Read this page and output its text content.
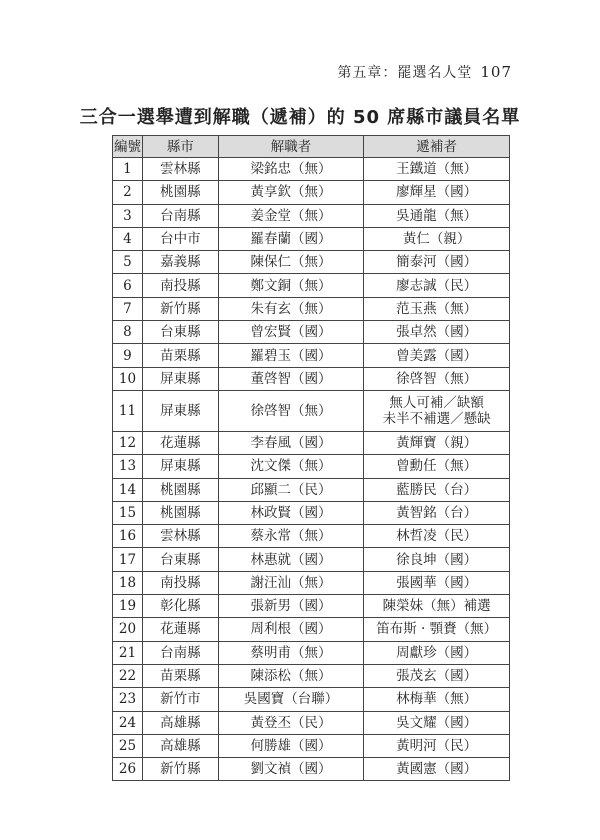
第五章：罷選名人堂 107
三合一選舉遭到解職（遞補）的 50 席縣市議員名單
編號	縣市	解職者	遞補者
1	雲林縣	梁銘忠（無）	王鐵道（無）
2	桃園縣	黃享欽（無）	廖輝星（國）
3	台南縣	姜金堂（無）	吳通龍（無）
4	台中市	羅春蘭（國）	黃仁（親）
5	嘉義縣	陳保仁（無）	簡泰河（國）
6	南投縣	鄭文銅（無）	廖志誠（民）
7	新竹縣	朱有玄（無）	范玉燕（無）
8	台東縣	曾宏賢（國）	張卓然（國）
9	苗栗縣	羅碧玉（國）	曾美露（國）
10	屏東縣	董啓智（國）	徐啓智（無）
11	屏東縣	徐啓智（無）	無人可補／缺額
未半不補選／懸缺

12	花蓮縣	李春風（國）	黃輝寶（親）
13	屏東縣	沈文傑（無）	曾勳任（無）
14	桃園縣	邱顯二（民）	藍勝民（台）
15	桃園縣	林政賢（國）	黃智銘（台）
16	雲林縣	蔡永常（無）	林哲凌（民）
17	台東縣	林惠就（國）	徐良坤（國）
18	南投縣	謝汪汕（無）	張國華（國）
19	彰化縣	張新男（國）	陳榮妹（無）補選
20	花蓮縣	周利根（國）	笛布斯 · 顎賚（無）
21	台南縣	蔡明甫（無）	周獻珍（國）
22	苗栗縣	陳添松（無）	張茂玄（國）
23	新竹市	吳國寶（台聯）	林梅華（無）
24	高雄縣	黃登丕（民）	吳文耀（國）
25	高雄縣	何勝雄（國）	黃明河（民）
26	新竹縣	劉文禎（國）	黃國憲（國）
